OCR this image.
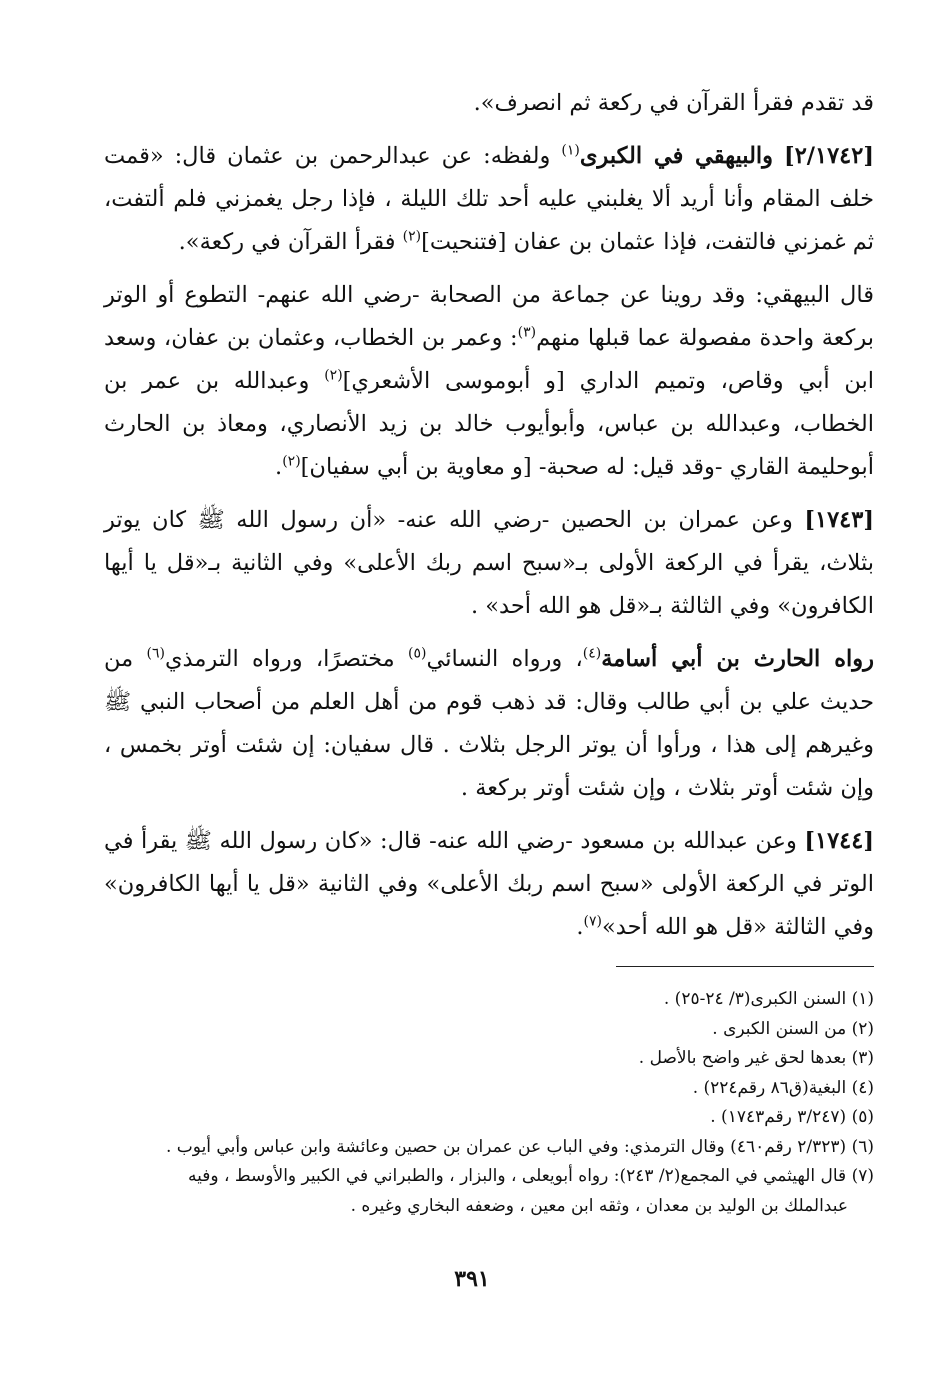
قد تقدم فقرأ القرآن في ركعة ثم انصرف».

[٢/١٧٤٢] والبيهقي في الكبرى$^{(١)}$ ولفظه: عن عبدالرحمن بن عثمان قال: «قمت خلف المقام وأنا أريد ألا يغلبني عليه أحد تلك الليلة ، فإذا رجل يغمزني فلم ألتفت، ثم غمزني فالتفت، فإذا عثمان بن عفان [فتنحيت]$^{(٢)}$ فقرأ القرآن في ركعة».

قال البيهقي: وقد روينا عن جماعة من الصحابة -رضي الله عنهم- التطوع أو الوتر بركعة واحدة مفصولة عما قبلها منهم$^{(٣)}$: وعمر بن الخطاب، وعثمان بن عفان، وسعد ابن أبي وقاص، وتميم الداري [و أبوموسى الأشعري]$^{(٢)}$ وعبدالله بن عمر بن الخطاب، وعبدالله بن عباس، وأبوأيوب خالد بن زيد الأنصاري، ومعاذ بن الحارث أبوحليمة القاري -وقد قيل: له صحبة- [و معاوية بن أبي سفيان]$^{(٢)}$.

[١٧٤٣] وعن عمران بن الحصين -رضي الله عنه- «أن رسول الله ﷺ كان يوتر بثلاث، يقرأ في الركعة الأولى بـ«سبح اسم ربك الأعلى» وفي الثانية بـ«قل يا أيها الكافرون» وفي الثالثة بـ«قل هو الله أحد» .

رواه الحارث بن أبي أسامة$^{(٤)}$، ورواه النسائي$^{(٥)}$ مختصرًا، ورواه الترمذي$^{(٦)}$ من حديث علي بن أبي طالب وقال: قد ذهب قوم من أهل العلم من أصحاب النبي ﷺ وغيرهم إلى هذا ، ورأوا أن يوتر الرجل بثلاث . قال سفيان: إن شئت أوتر بخمس ، وإن شئت أوتر بثلاث ، وإن شئت أوتر بركعة .

[١٧٤٤] وعن عبدالله بن مسعود -رضي الله عنه- قال: «كان رسول الله ﷺ يقرأ في الوتر في الركعة الأولى «سبح اسم ربك الأعلى» وفي الثانية «قل يا أيها الكافرون» وفي الثالثة «قل هو الله أحد»$^{(٧)}$.

(١) السنن الكبرى(٣/ ٢٤-٢٥) .

(٢) من السنن الكبرى .

(٣) بعدها لحق غير واضح بالأصل .

(٤) البغية(ق٨٦ رقم٢٢٤) .

(٥) (٣/٢٤٧ رقم١٧٤٣) .

(٦) (٢/٣٢٣ رقم٤٦٠) وقال الترمذي: وفي الباب عن عمران بن حصين وعائشة وابن عباس وأبي أيوب .

(٧) قال الهيثمي في المجمع(٢/ ٢٤٣): رواه أبويعلى ، والبزار ، والطبراني في الكبير والأوسط ، وفيه

عبدالملك بن الوليد بن معدان ، وثقه ابن معين ، وضعفه البخاري وغيره .

٣٩١
